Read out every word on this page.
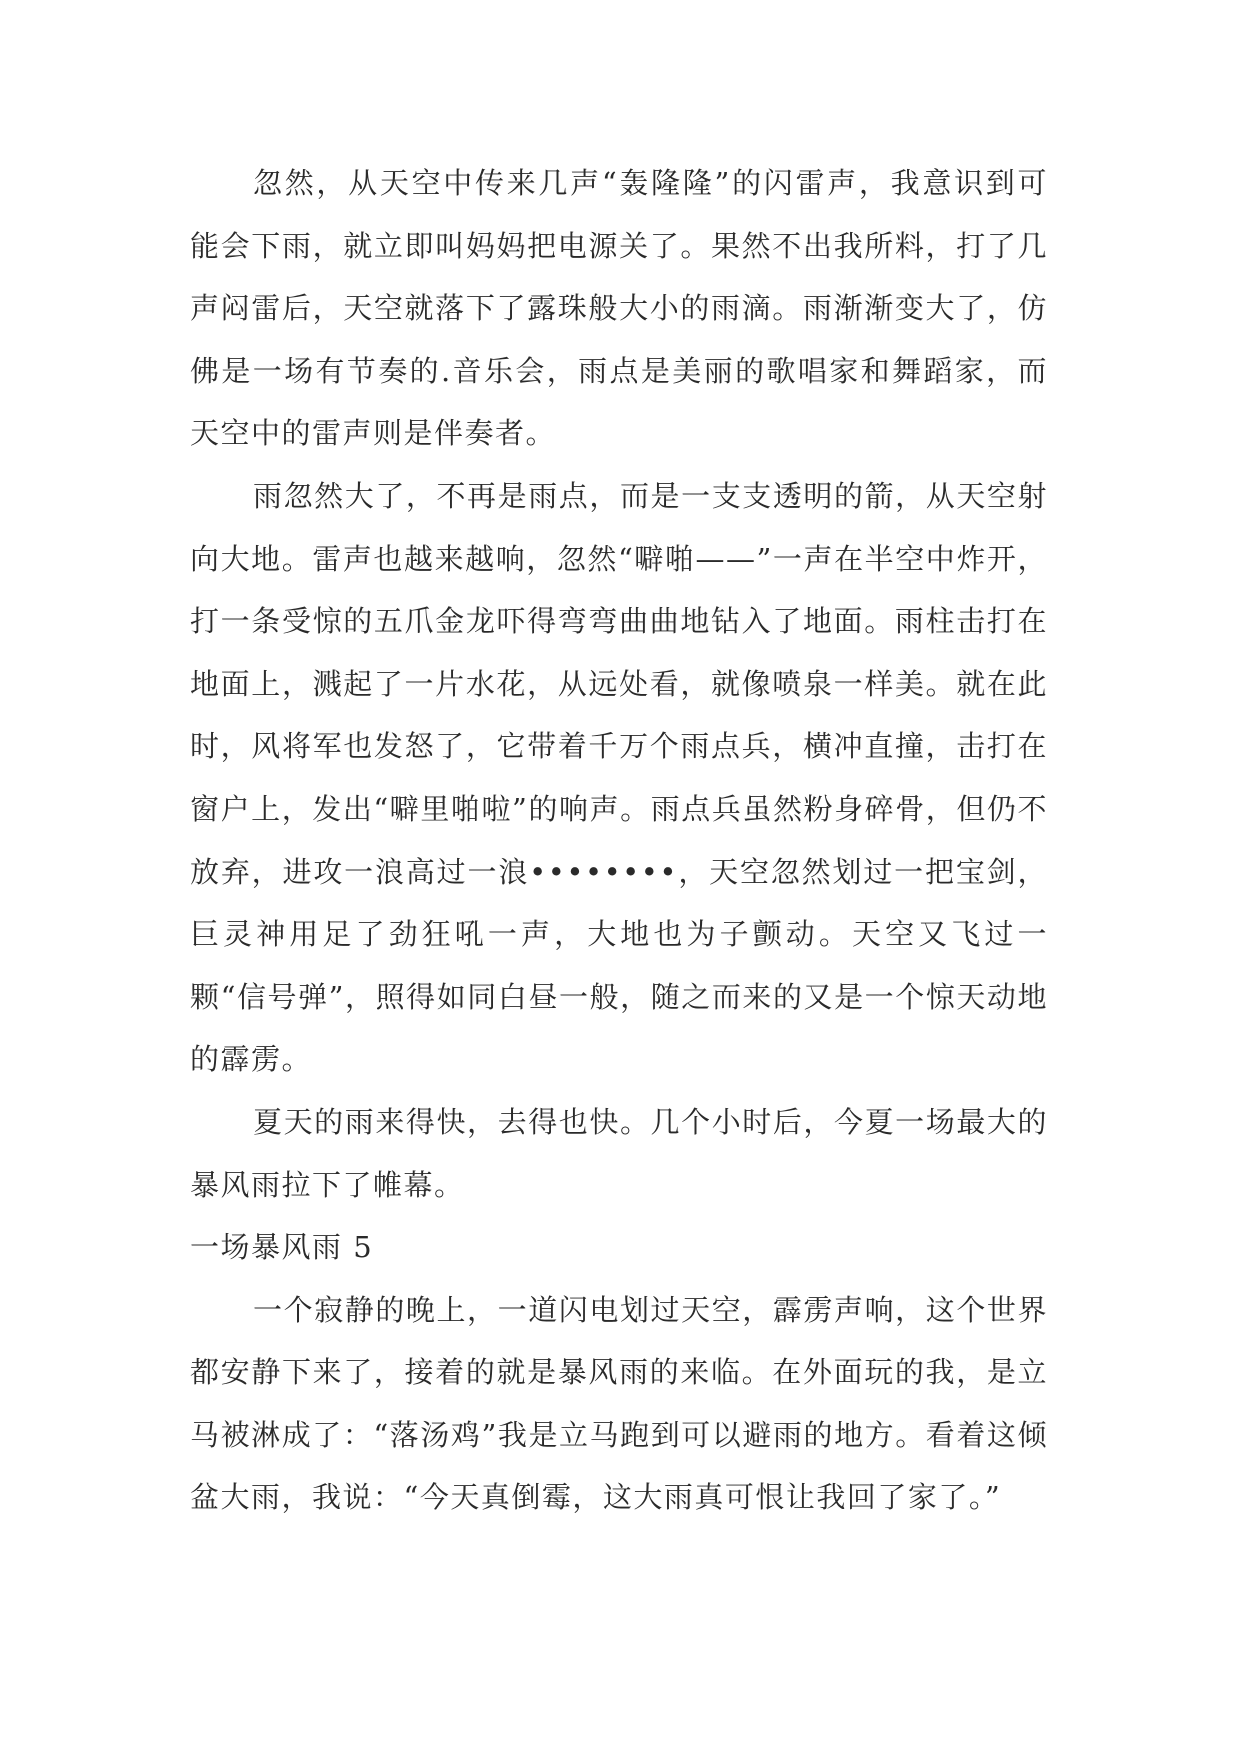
忽然，从天空中传来几声“轰隆隆”的闪雷声，我意识到可能会下雨，就立即叫妈妈把电源关了。果然不出我所料，打了几声闷雷后，天空就落下了露珠般大小的雨滴。雨渐渐变大了，仿佛是一场有节奏的.音乐会，雨点是美丽的歌唱家和舞蹈家，而天空中的雷声则是伴奏者。

雨忽然大了，不再是雨点，而是一支支透明的箭，从天空射向大地。雷声也越来越响，忽然“噼啪——”一声在半空中炸开，打一条受惊的五爪金龙吓得弯弯曲曲地钻入了地面。雨柱击打在地面上，溅起了一片水花，从远处看，就像喷泉一样美。就在此时，风将军也发怒了，它带着千万个雨点兵，横冲直撞，击打在窗户上，发出“噼里啪啦”的响声。雨点兵虽然粉身碎骨，但仍不放弃，进攻一浪高过一浪••••••••，天空忽然划过一把宝剑，巨灵神用足了劲狂吼一声，大地也为子颤动。天空又飞过一颗“信号弹”，照得如同白昼一般，随之而来的又是一个惊天动地的霹雳。

夏天的雨来得快，去得也快。几个小时后，今夏一场最大的暴风雨拉下了帷幕。

一场暴风雨 5

一个寂静的晚上，一道闪电划过天空，霹雳声响，这个世界都安静下来了，接着的就是暴风雨的来临。在外面玩的我，是立马被淋成了：“落汤鸡”我是立马跑到可以避雨的地方。看着这倾盆大雨，我说：“今天真倒霉，这大雨真可恨让我回了家了。”
